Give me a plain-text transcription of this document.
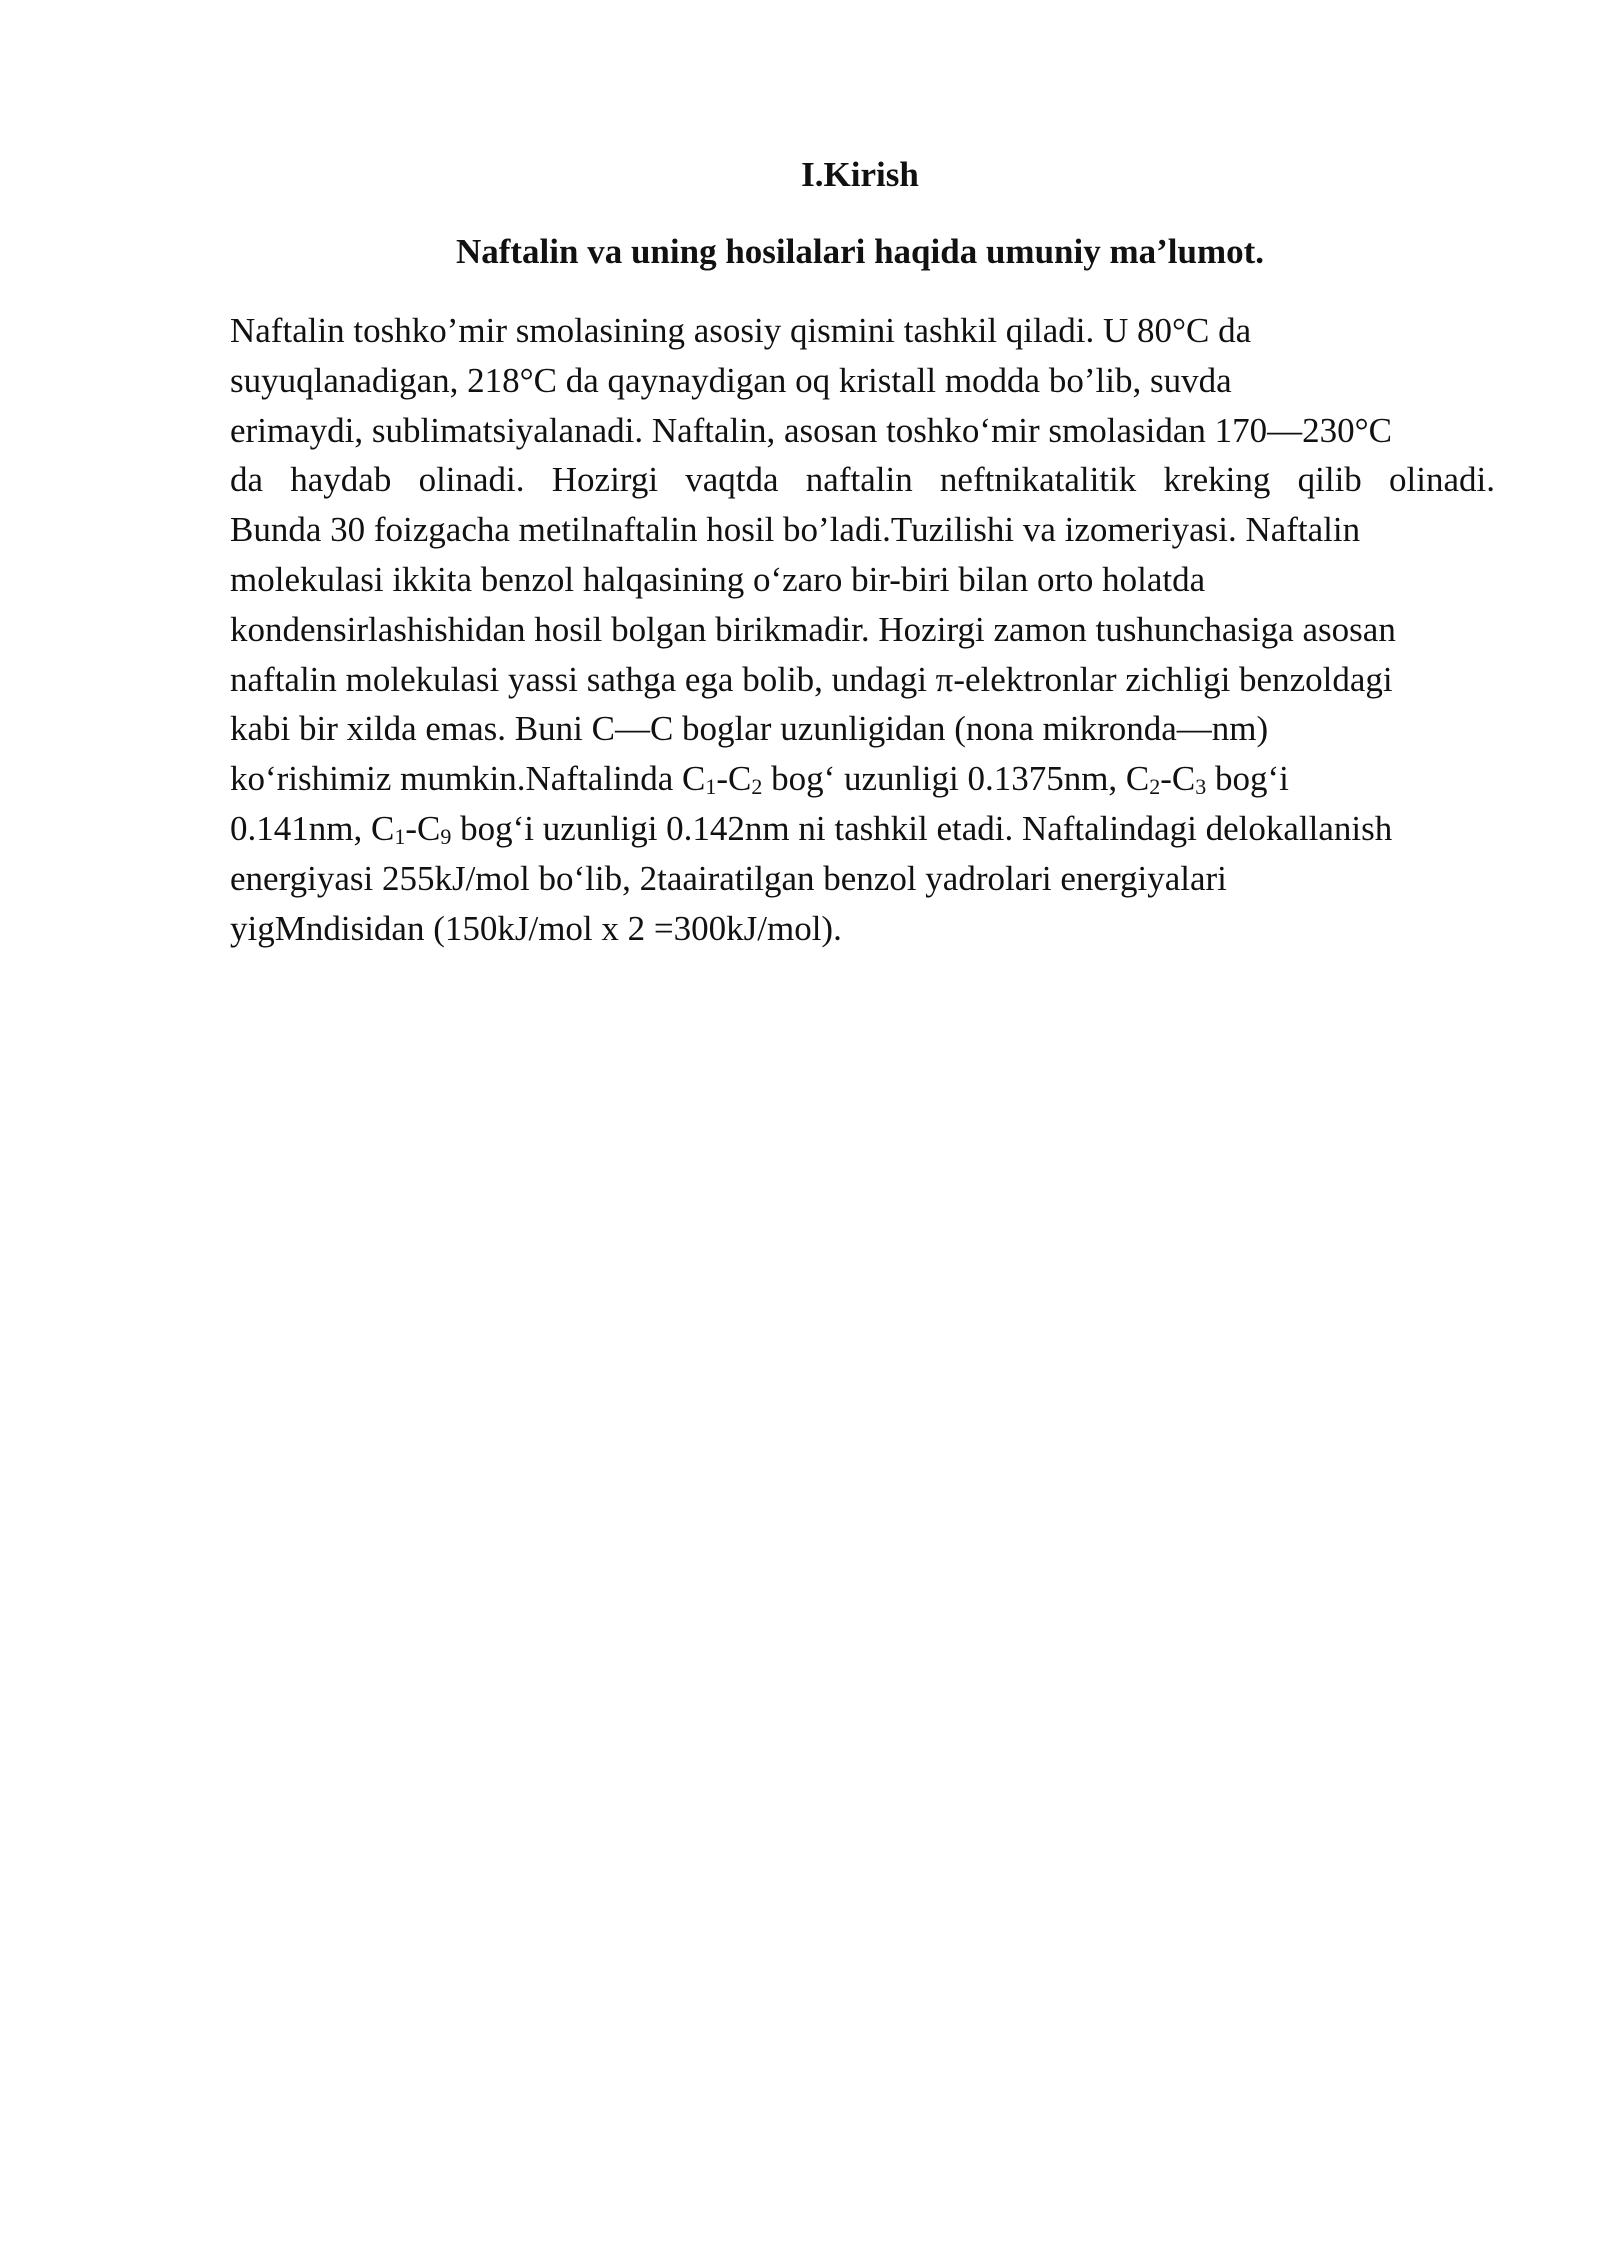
I.Kirish
Naftalin va uning hosilalari haqida umuniy ma’lumot.
Naftalin toshko’mir smolasining asosiy qismini tashkil qiladi. U 80°C da
suyuqlanadigan, 218°C da qaynaydigan oq kristall modda bo’lib, suvda
erimaydi, sublimatsiyalanadi. Naftalin, asosan toshko‘mir smolasidan 170—230°C
da haydab olinadi. Hozirgi vaqtda naftalin neftnikatalitik kreking qilib olinadi.
Bunda 30 foizgacha metilnaftalin hosil bo’ladi.Tuzilishi va izomeriyasi. Naftalin
molekulasi ikkita benzol halqasining o‘zaro bir-biri bilan orto holatda
kondensirlashishidan hosil bolgan birikmadir. Hozirgi zamon tushunchasiga asosan
naftalin molekulasi yassi sathga ega bolib, undagi π-elektronlar zichligi benzoldagi
kabi bir xilda emas. Buni C—C boglar uzunligidan (nona mikronda—nm)
ko‘rishimiz mumkin.Naftalinda $C_1-C_2$ bog‘ uzunligi 0.1375nm, $C_2-C_3$ bog‘i
0.141nm, $C_1-C_9$ bog‘i uzunligi 0.142nm ni tashkil etadi. Naftalindagi delokallanish
energiyasi 255kJ/mol bo‘lib, 2taairatilgan benzol yadrolari energiyalari
yigMndisidan (150kJ/mol x 2 =300kJ/mol).
